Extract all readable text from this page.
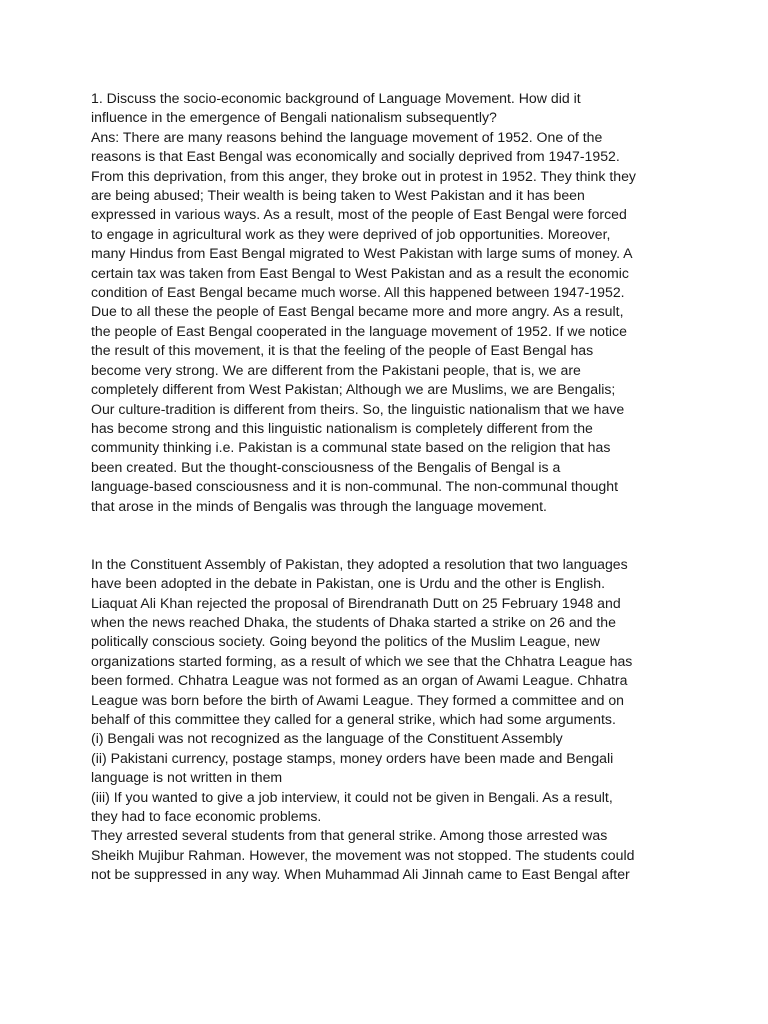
1. Discuss the socio-economic background of Language Movement. How did it
influence in the emergence of Bengali nationalism subsequently?
Ans: There are many reasons behind the language movement of 1952. One of the
reasons is that East Bengal was economically and socially deprived from 1947-1952.
From this deprivation, from this anger, they broke out in protest in 1952. They think they
are being abused; Their wealth is being taken to West Pakistan and it has been
expressed in various ways. As a result, most of the people of East Bengal were forced
to engage in agricultural work as they were deprived of job opportunities. Moreover,
many Hindus from East Bengal migrated to West Pakistan with large sums of money. A
certain tax was taken from East Bengal to West Pakistan and as a result the economic
condition of East Bengal became much worse. All this happened between 1947-1952.
Due to all these the people of East Bengal became more and more angry. As a result,
the people of East Bengal cooperated in the language movement of 1952. If we notice
the result of this movement, it is that the feeling of the people of East Bengal has
become very strong. We are different from the Pakistani people, that is, we are
completely different from West Pakistan; Although we are Muslims, we are Bengalis;
Our culture-tradition is different from theirs. So, the linguistic nationalism that we have
has become strong and this linguistic nationalism is completely different from the
community thinking i.e. Pakistan is a communal state based on the religion that has
been created. But the thought-consciousness of the Bengalis of Bengal is a
language-based consciousness and it is non-communal. The non-communal thought
that arose in the minds of Bengalis was through the language movement.
In the Constituent Assembly of Pakistan, they adopted a resolution that two languages
have been adopted in the debate in Pakistan, one is Urdu and the other is English.
Liaquat Ali Khan rejected the proposal of Birendranath Dutt on 25 February 1948 and
when the news reached Dhaka, the students of Dhaka started a strike on 26 and the
politically conscious society. Going beyond the politics of the Muslim League, new
organizations started forming, as a result of which we see that the Chhatra League has
been formed. Chhatra League was not formed as an organ of Awami League. Chhatra
League was born before the birth of Awami League. They formed a committee and on
behalf of this committee they called for a general strike, which had some arguments.
(i) Bengali was not recognized as the language of the Constituent Assembly
(ii) Pakistani currency, postage stamps, money orders have been made and Bengali
language is not written in them
(iii) If you wanted to give a job interview, it could not be given in Bengali. As a result,
they had to face economic problems.
They arrested several students from that general strike. Among those arrested was
Sheikh Mujibur Rahman. However, the movement was not stopped. The students could
not be suppressed in any way. When Muhammad Ali Jinnah came to East Bengal after
